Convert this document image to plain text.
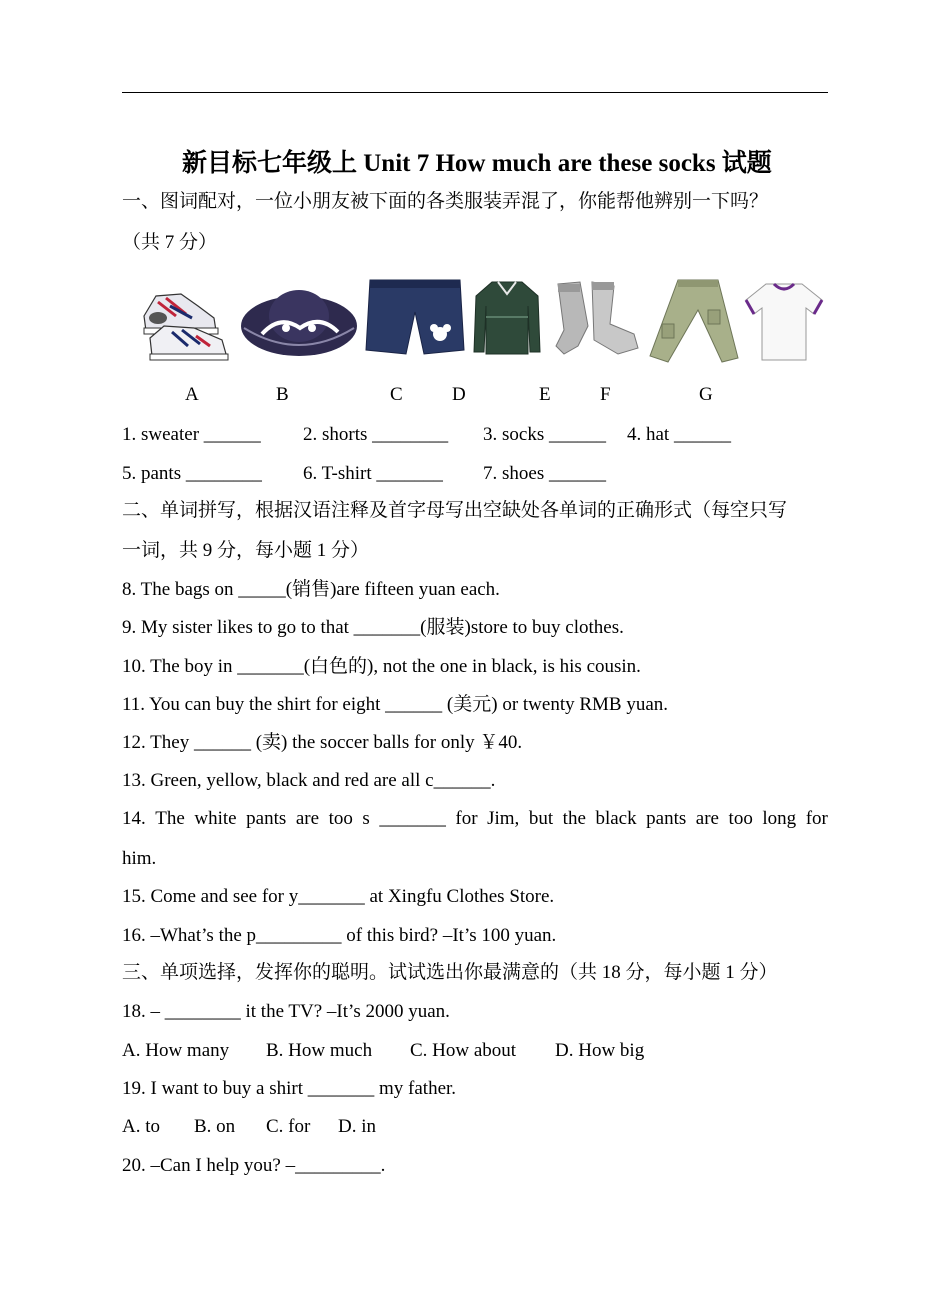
新目标七年级上 Unit 7 How much are these socks 试题
一、图词配对，一位小朋友被下面的各类服装弄混了，你能帮他辨别一下吗？
（共 7 分）
A	B	C	D	E	F	G
1. sweater ______ 2. shorts ________ 3. socks ______ 4. hat ______
5. pants ________ 6. T-shirt _______ 7. shoes ______
二、单词拼写，根据汉语注释及首字母写出空缺处各单词的正确形式（每空只写
一词，共 9 分，每小题 1 分）
8. The bags on _____(销售)are fifteen yuan each.
9. My sister likes to go to that _______(服装)store to buy clothes.
10. The boy in _______(白色的), not the one in black, is his cousin.
11. You can buy the shirt for eight ______ (美元) or twenty RMB yuan.
12. They ______ (卖) the soccer balls for only ￥40.
13. Green, yellow, black and red are all c______.
14. The white pants are too s _______ for Jim, but the black pants are too long for
him.
15. Come and see for y_______ at Xingfu Clothes Store.
16. –What’s the p_________ of this bird? –It’s 100 yuan.
三、单项选择，发挥你的聪明。试试选出你最满意的（共 18 分，每小题 1 分）
18. – ________ it the TV? –It’s 2000 yuan.
A. How many B. How much C. How about D. How big
19. I want to buy a shirt _______ my father.
A. to B. on C. for D. in
20. –Can I help you? –_________.
